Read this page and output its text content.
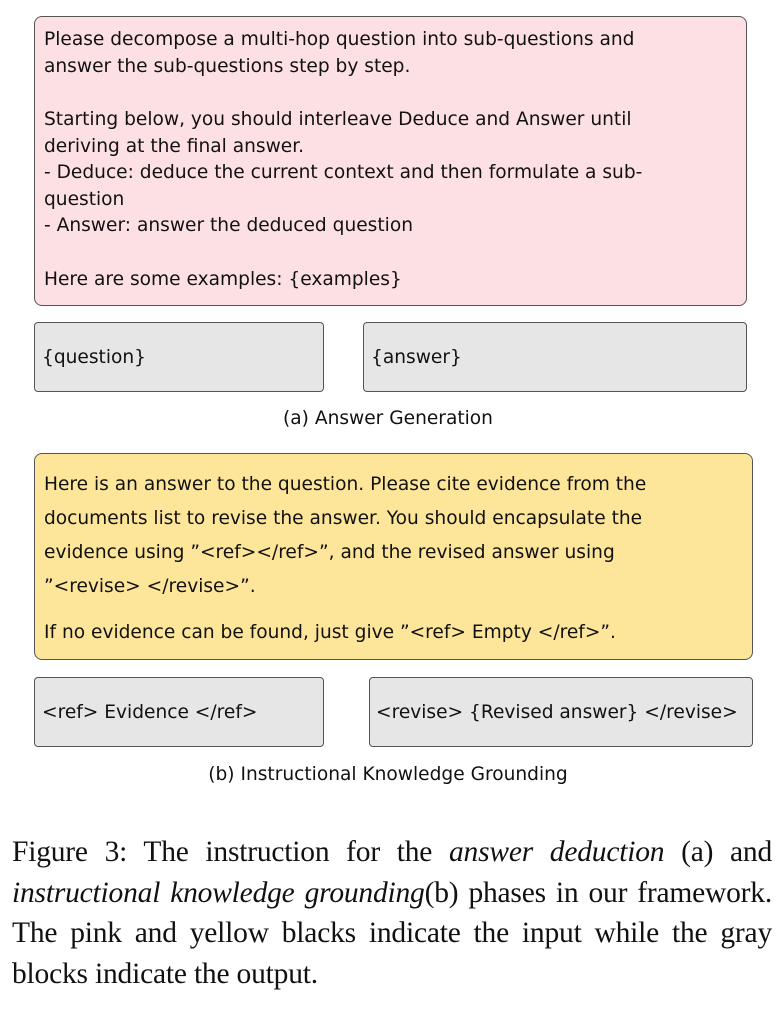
Please decompose a multi-hop question into sub-questions and
answer the sub-questions step by step.
Starting below, you should interleave Deduce and Answer until
deriving at the final answer.
- Deduce: deduce the current context and then formulate a sub-
question
- Answer: answer the deduced question
Here are some examples: {examples}
{question}	{answer}
(a) Answer Generation
Here is an answer to the question. Please cite evidence from the
documents list to revise the answer. You should encapsulate the
evidence using ”<ref></ref>”, and the revised answer using
”<revise> </revise>”.
If no evidence can be found, just give ”<ref> Empty </ref>”.
<ref> Evidence </ref>	<revise> {Revised answer} </revise>
(b) Instructional Knowledge Grounding
Figure 3: The instruction for the answer deduction (a) and instructional knowledge grounding(b) phases in our framework. The pink and yellow blacks indicate the input while the gray blocks indicate the output.
